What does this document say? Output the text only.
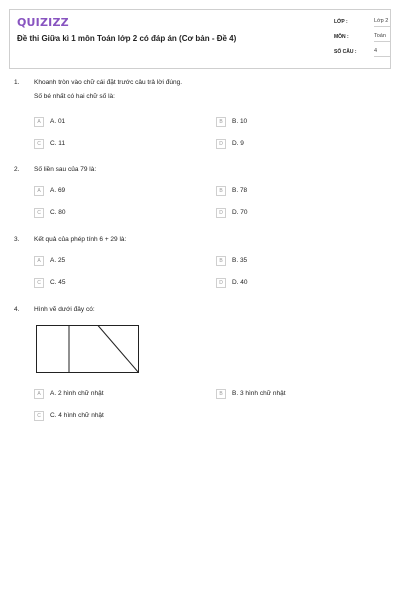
QUIZIZZ
Đề thi Giữa kì 1 môn Toán lớp 2 có đáp án (Cơ bản - Đề 4)
LỚP :	Lớp 2
MÔN :	Toán
SỐ CÂU :	4
1. Khoanh tròn vào chữ cái đặt trước câu trả lời đúng.
Số bé nhất có hai chữ số là:
A	A. 01	B	B. 10
C	C. 11	D	D. 9
2. Số liền sau của 79 là:
A	A. 69	B	B. 78
C	C. 80	D	D. 70
3. Kết quả của phép tính 6 + 29 là:
A	A. 25	B	B. 35
C	C. 45	D	D. 40
4. Hình vẽ dưới đây có:
A	A. 2 hình chữ nhật	B	B. 3 hình chữ nhật
C	C. 4 hình chữ nhật
